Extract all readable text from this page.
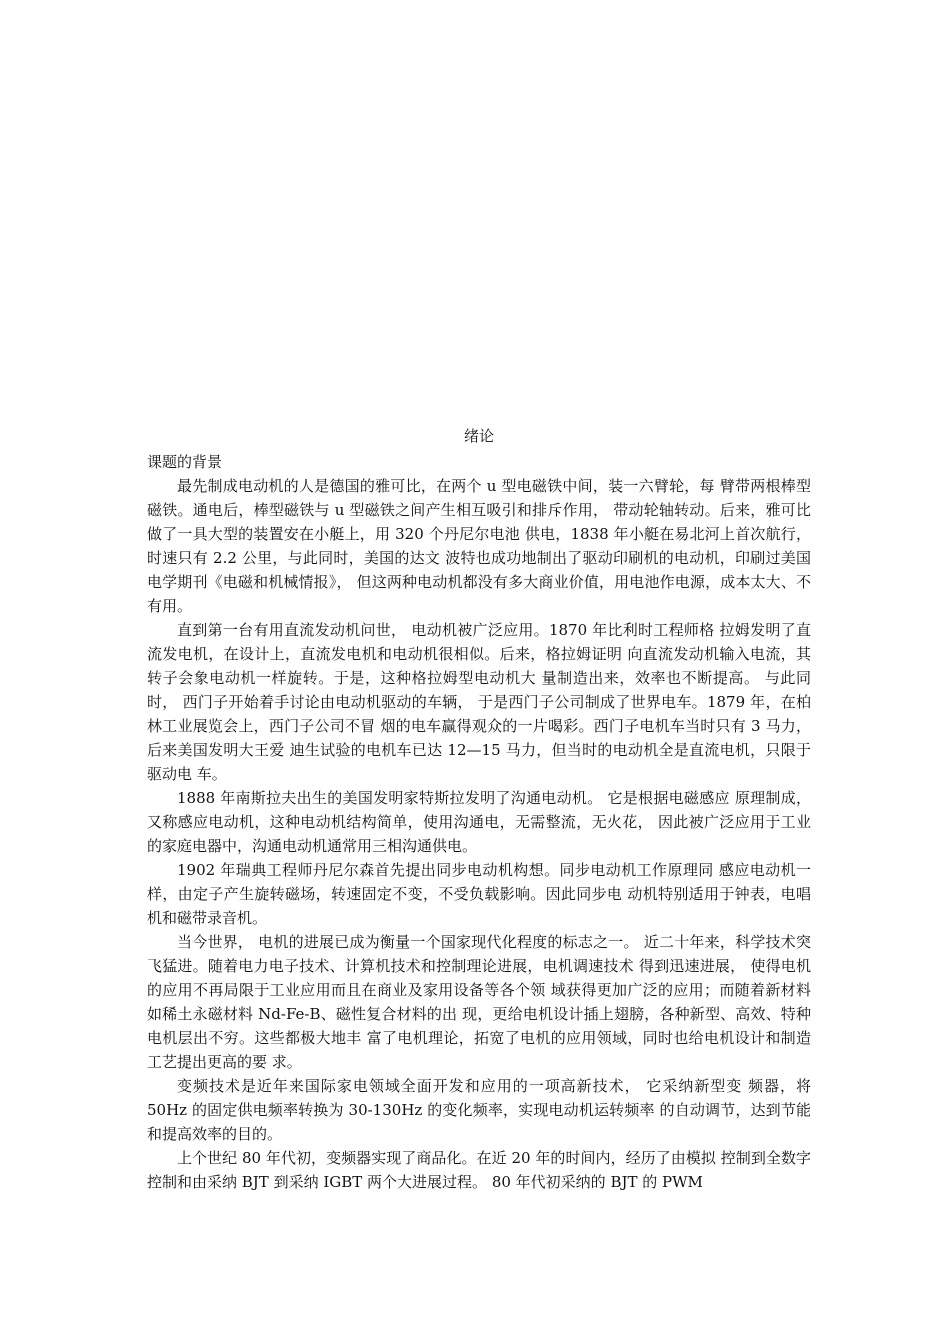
绪论
课题的背景

最先制成电动机的人是德国的雅可比，在两个 u 型电磁铁中间，装一六臂轮，每 臂带两根棒型磁铁。通电后，棒型磁铁与 u 型磁铁之间产生相互吸引和排斥作用， 带动轮轴转动。后来，雅可比做了一具大型的装置安在小艇上，用 320 个丹尼尔电池 供电，1838 年小艇在易北河上首次航行，时速只有 2.2 公里，与此同时，美国的达文 波特也成功地制出了驱动印刷机的电动机，印刷过美国电学期刊《电磁和机械情报》， 但这两种电动机都没有多大商业价值，用电池作电源，成本太大、不有用。

直到第一台有用直流发动机问世， 电动机被广泛应用。1870 年比利时工程师格 拉姆发明了直流发电机，在设计上，直流发电机和电动机很相似。后来，格拉姆证明 向直流发动机输入电流，其转子会象电动机一样旋转。于是，这种格拉姆型电动机大 量制造出来，效率也不断提高。 与此同时， 西门子开始着手讨论由电动机驱动的车辆， 于是西门子公司制成了世界电车。1879 年，在柏林工业展览会上，西门子公司不冒 烟的电车赢得观众的一片喝彩。西门子电机车当时只有 3 马力，后来美国发明大王爱 迪生试验的电机车已达 12—15 马力，但当时的电动机全是直流电机，只限于驱动电 车。

1888 年南斯拉夫出生的美国发明家特斯拉发明了沟通电动机。 它是根据电磁感应 原理制成，又称感应电动机，这种电动机结构简单，使用沟通电，无需整流，无火花， 因此被广泛应用于工业的家庭电器中，沟通电动机通常用三相沟通供电。

1902 年瑞典工程师丹尼尔森首先提出同步电动机构想。同步电动机工作原理同 感应电动机一样，由定子产生旋转磁场，转速固定不变，不受负载影响。因此同步电 动机特别适用于钟表，电唱机和磁带录音机。

当今世界， 电机的进展已成为衡量一个国家现代化程度的标志之一。 近二十年来，科学技术突飞猛进。随着电力电子技术、计算机技术和控制理论进展，电机调速技术 得到迅速进展， 使得电机的应用不再局限于工业应用而且在商业及家用设备等各个领 域获得更加广泛的应用；而随着新材料如稀土永磁材料 Nd-Fe-B、磁性复合材料的出 现，更给电机设计插上翅膀，各种新型、高效、特种电机层出不穷。这些都极大地丰 富了电机理论，拓宽了电机的应用领域，同时也给电机设计和制造工艺提出更高的要 求。

变频技术是近年来国际家电领域全面开发和应用的一项高新技术， 它采纳新型变 频器，将 50Hz 的固定供电频率转换为 30-130Hz 的变化频率，实现电动机运转频率 的自动调节，达到节能和提高效率的目的。

上个世纪 80 年代初，变频器实现了商品化。在近 20 年的时间内，经历了由模拟 控制到全数字控制和由采纳 BJT 到采纳 IGBT 两个大进展过程。 80 年代初采纳的 BJT 的 PWM
